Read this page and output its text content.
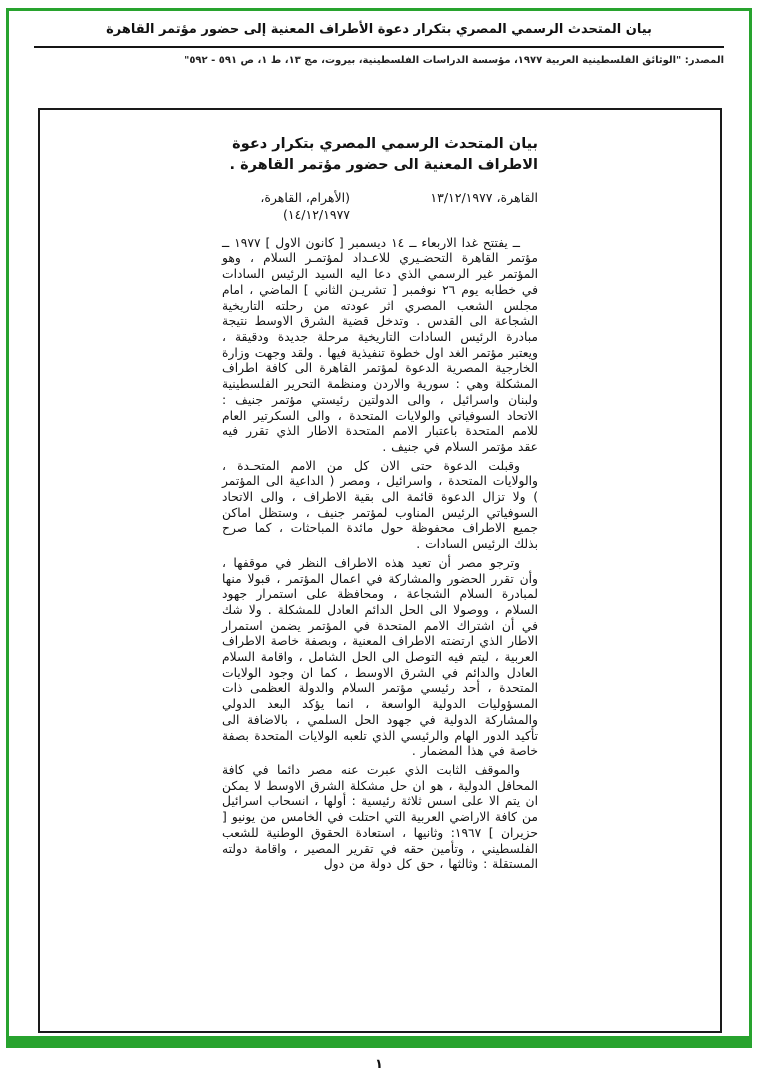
بيان المتحدث الرسمي المصري بتكرار دعوة الأطراف المعنية إلى حضور مؤتمر القاهرة
المصدر: "الوثائق الفلسطينية العربية ١٩٧٧، مؤسسة الدراسات الفلسطينية، بيروت، مج ١٣، ط ١، ص ٥٩١ - ٥٩٢"
بيان المتحدث الرسمي المصري بتكرار دعوة الاطراف المعنية الى حضور مؤتمر القاهرة .
القاهرة، ١٣/١٢/١٩٧٧
(الأهرام، القاهرة، ١٤/١٢/١٩٧٧)

ــ يفتتح غدا الاربعاء ــ ١٤ ديسمبر [ كانون الاول ] ١٩٧٧ ــ مؤتمر القاهرة التحضـيري للاعـداد لمؤتمـر السلام ، وهو المؤتمر غير الرسمي الذي دعا اليه السيد الرئيس السادات في خطابه يوم ٢٦ نوفمبر [ تشريـن الثاني ] الماضي ، امام مجلس الشعب المصري اثر عودته من رحلته التاريخية الشجاعة الى القدس . وتدخل قضية الشرق الاوسط نتيجة مبادرة الرئيس السادات التاريخية مرحلة جديدة ودقيقة ، ويعتبر مؤتمر الغد اول خطوة تنفيذية فيها . ولقد وجهت وزارة الخارجية المصرية الدعوة لمؤتمر القاهرة الى كافة اطراف المشكلة وهي : سورية والاردن ومنظمة التحرير الفلسطينية ولبنان واسرائيل ، والى الدولتين رئيستي مؤتمر جنيف : الاتحاد السوفياتي والولايات المتحدة ، والى السكرتير العام للامم المتحدة باعتبار الامم المتحدة الاطار الذي تقرر فيه عقد مؤتمر السلام في جنيف .

وقبلت الدعوة حتى الان كل من الامم المتحـدة ، والولايات المتحدة ، واسرائيل ، ومصر ( الداعية الى المؤتمر ) ولا تزال الدعوة قائمة الى بقية الاطراف ، والى الاتحاد السوفياتي الرئيس المناوب لمؤتمر جنيف ، وستظل اماكن جميع الاطراف محفوظة حول مائدة المباحثات ، كما صرح بذلك الرئيس السادات .

وترجو مصر أن تعيد هذه الاطراف النظر في موقفها ، وأن تقرر الحضور والمشاركة في اعمال المؤتمر ، قبولا منها لمبادرة السلام الشجاعة ، ومحافظة على استمرار جهود السلام ، ووصولا الى الحل الدائم العادل للمشكلة . ولا شك في أن اشتراك الامم المتحدة في المؤتمر يضمن استمرار الاطار الذي ارتضته الاطراف المعنية ، وبصفة خاصة الاطراف العربية ، ليتم فيه التوصل الى الحل الشامل ، واقامة السلام العادل والدائم في الشرق الاوسط ، كما ان وجود الولايات المتحدة ، أحد رئيسي مؤتمر السلام والدولة العظمى ذات المسؤوليات الدولية الواسعة ، انما يؤكد البعد الدولي والمشاركة الدولية في جهود الحل السلمي ، بالاضافة الى تأكيد الدور الهام والرئيسي الذي تلعبه الولايات المتحدة بصفة خاصة في هذا المضمار .

والموقف الثابت الذي عبرت عنه مصر دائما في كافة المحافل الدولية ، هو ان حل مشكلة الشرق الاوسط لا يمكن ان يتم الا على اسس ثلاثة رئيسية : أولها ، انسحاب اسرائيل من كافة الاراضي العربية التي احتلت في الخامس من يونيو [ حزيران ] ١٩٦٧: وثانيها ، استعادة الحقوق الوطنية للشعب الفلسطيني ، وتأمين حقه في تقرير المصير ، واقامة دولته المستقلة : وثالثها ، حق كل دولة من دول

١
